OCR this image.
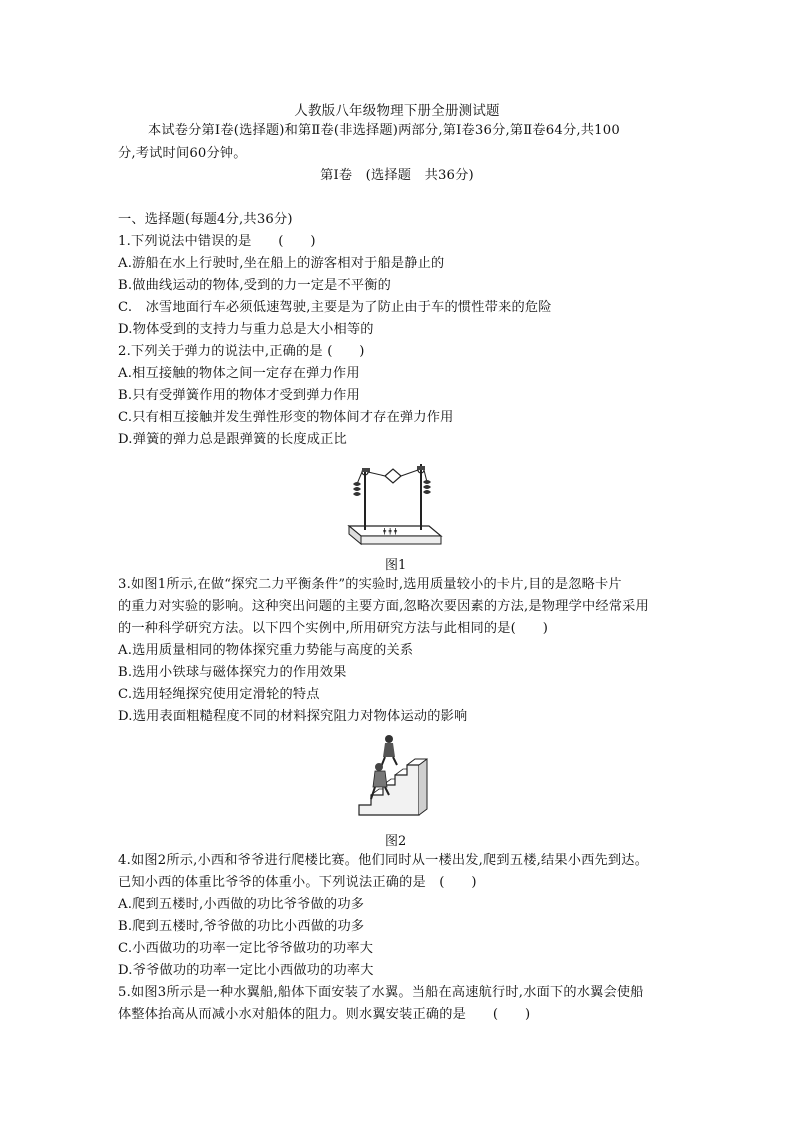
人教版八年级物理下册全册测试题
本试卷分第Ⅰ卷(选择题)和第Ⅱ卷(非选择题)两部分,第Ⅰ卷36分,第Ⅱ卷64分,共100
分,考试时间60分钟。
第Ⅰ卷　(选择题　共36分)
一、选择题(每题4分,共36分)
1.下列说法中错误的是　　(　　)
A.游船在水上行驶时,坐在船上的游客相对于船是静止的
B.做曲线运动的物体,受到的力一定是不平衡的
C.　冰雪地面行车必须低速驾驶,主要是为了防止由于车的惯性带来的危险
D.物体受到的支持力与重力总是大小相等的
2.下列关于弹力的说法中,正确的是 (　　)
A.相互接触的物体之间一定存在弹力作用
B.只有受弹簧作用的物体才受到弹力作用
C.只有相互接触并发生弹性形变的物体间才存在弹力作用
D.弹簧的弹力总是跟弹簧的长度成正比
ǂ ǂ ǂ
图1
3.如图1所示,在做“探究二力平衡条件”的实验时,选用质量较小的卡片,目的是忽略卡片
的重力对实验的影响。这种突出问题的主要方面,忽略次要因素的方法,是物理学中经常采用
的一种科学研究方法。以下四个实例中,所用研究方法与此相同的是(　　)
A.选用质量相同的物体探究重力势能与高度的关系
B.选用小铁球与磁体探究力的作用效果
C.选用轻绳探究使用定滑轮的特点
D.选用表面粗糙程度不同的材料探究阻力对物体运动的影响
图2
4.如图2所示,小西和爷爷进行爬楼比赛。他们同时从一楼出发,爬到五楼,结果小西先到达。
已知小西的体重比爷爷的体重小。下列说法正确的是　(　　)
A.爬到五楼时,小西做的功比爷爷做的功多
B.爬到五楼时,爷爷做的功比小西做的功多
C.小西做功的功率一定比爷爷做功的功率大
D.爷爷做功的功率一定比小西做功的功率大
5.如图3所示是一种水翼船,船体下面安装了水翼。当船在高速航行时,水面下的水翼会使船
体整体抬高从而减小水对船体的阻力。则水翼安装正确的是　　(　　)
